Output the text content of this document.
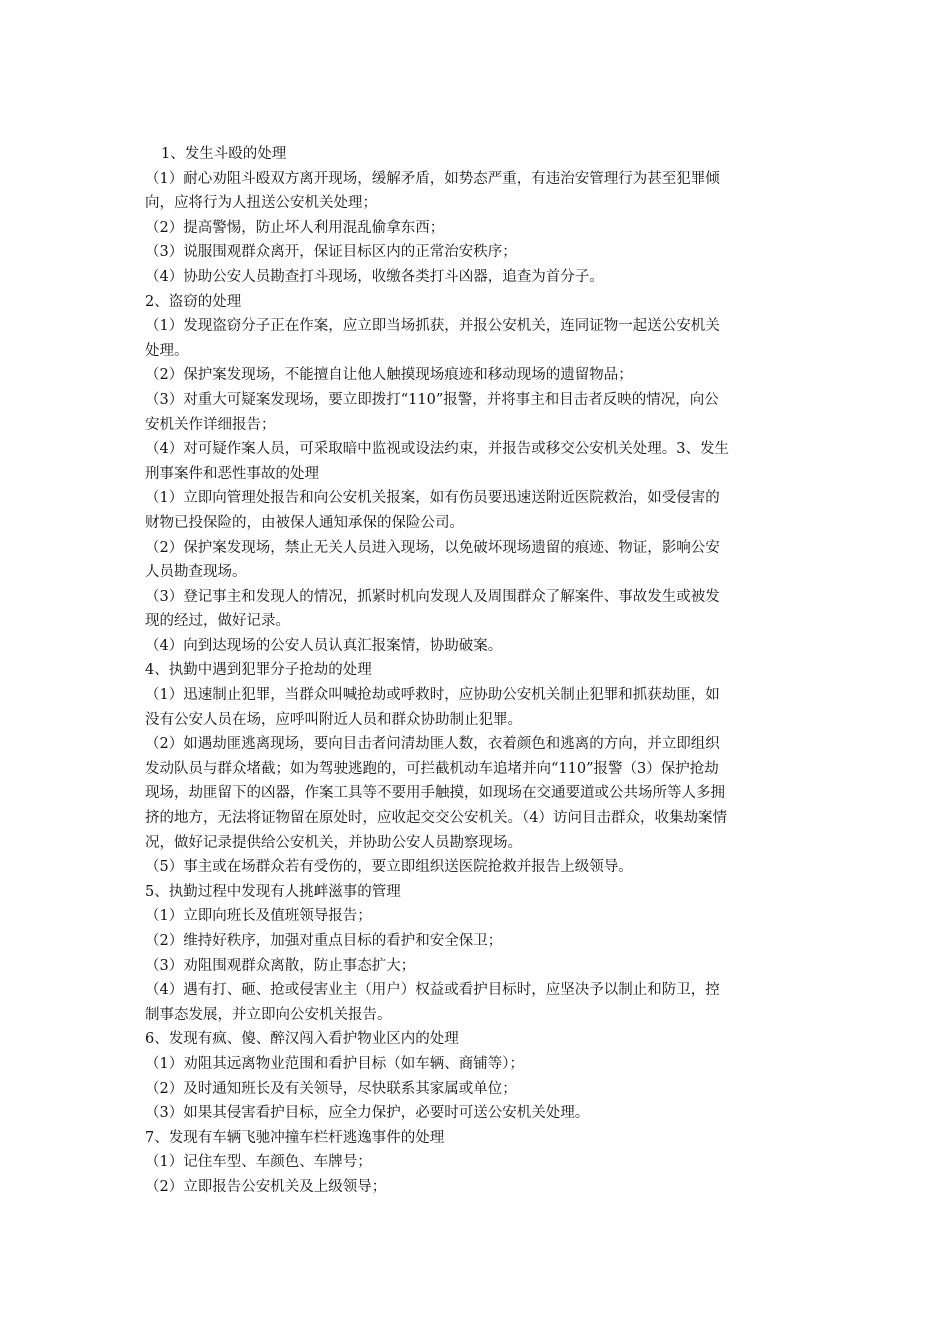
1、发生斗殴的处理

（1）耐心劝阻斗殴双方离开现场，缓解矛盾，如势态严重，有违治安管理行为甚至犯罪倾

向，应将行为人扭送公安机关处理；

（2）提高警惕，防止坏人利用混乱偷拿东西；

（3）说服围观群众离开，保证目标区内的正常治安秩序；

（4）协助公安人员勘查打斗现场，收缴各类打斗凶器，追查为首分子。

2、盗窃的处理

（1）发现盗窃分子正在作案，应立即当场抓获，并报公安机关，连同证物一起送公安机关

处理。

（2）保护案发现场，不能擅自让他人触摸现场痕迹和移动现场的遗留物品；

（3）对重大可疑案发现场，要立即拨打“110”报警，并将事主和目击者反映的情况，向公

安机关作详细报告；

（4）对可疑作案人员，可采取暗中监视或设法约束，并报告或移交公安机关处理。3、发生

刑事案件和恶性事故的处理

（1）立即向管理处报告和向公安机关报案，如有伤员要迅速送附近医院救治，如受侵害的

财物已投保险的，由被保人通知承保的保险公司。

（2）保护案发现场，禁止无关人员进入现场，以免破坏现场遗留的痕迹、物证，影响公安

人员勘查现场。

（3）登记事主和发现人的情况，抓紧时机向发现人及周围群众了解案件、事故发生或被发

现的经过，做好记录。

（4）向到达现场的公安人员认真汇报案情，协助破案。

4、执勤中遇到犯罪分子抢劫的处理

（1）迅速制止犯罪，当群众叫喊抢劫或呼救时，应协助公安机关制止犯罪和抓获劫匪，如

没有公安人员在场，应呼叫附近人员和群众协助制止犯罪。

（2）如遇劫匪逃离现场，要向目击者问清劫匪人数，衣着颜色和逃离的方向，并立即组织

发动队员与群众堵截；如为驾驶逃跑的，可拦截机动车追堵并向“110”报警（3）保护抢劫

现场，劫匪留下的凶器，作案工具等不要用手触摸，如现场在交通要道或公共场所等人多拥

挤的地方，无法将证物留在原处时，应收起交交公安机关。（4）访问目击群众，收集劫案情

况，做好记录提供给公安机关，并协助公安人员勘察现场。

（5）事主或在场群众若有受伤的，要立即组织送医院抢救并报告上级领导。

5、执勤过程中发现有人挑衅滋事的管理

（1）立即向班长及值班领导报告；

（2）维持好秩序，加强对重点目标的看护和安全保卫；

（3）劝阻围观群众离散，防止事态扩大；

（4）遇有打、砸、抢或侵害业主（用户）权益或看护目标时，应坚决予以制止和防卫，控

制事态发展，并立即向公安机关报告。

6、发现有疯、傻、醉汉闯入看护物业区内的处理

（1）劝阻其远离物业范围和看护目标（如车辆、商铺等）；

（2）及时通知班长及有关领导，尽快联系其家属或单位；

（3）如果其侵害看护目标，应全力保护，必要时可送公安机关处理。

7、发现有车辆飞驰冲撞车栏杆逃逸事件的处理

（1）记住车型、车颜色、车牌号；

（2）立即报告公安机关及上级领导；
